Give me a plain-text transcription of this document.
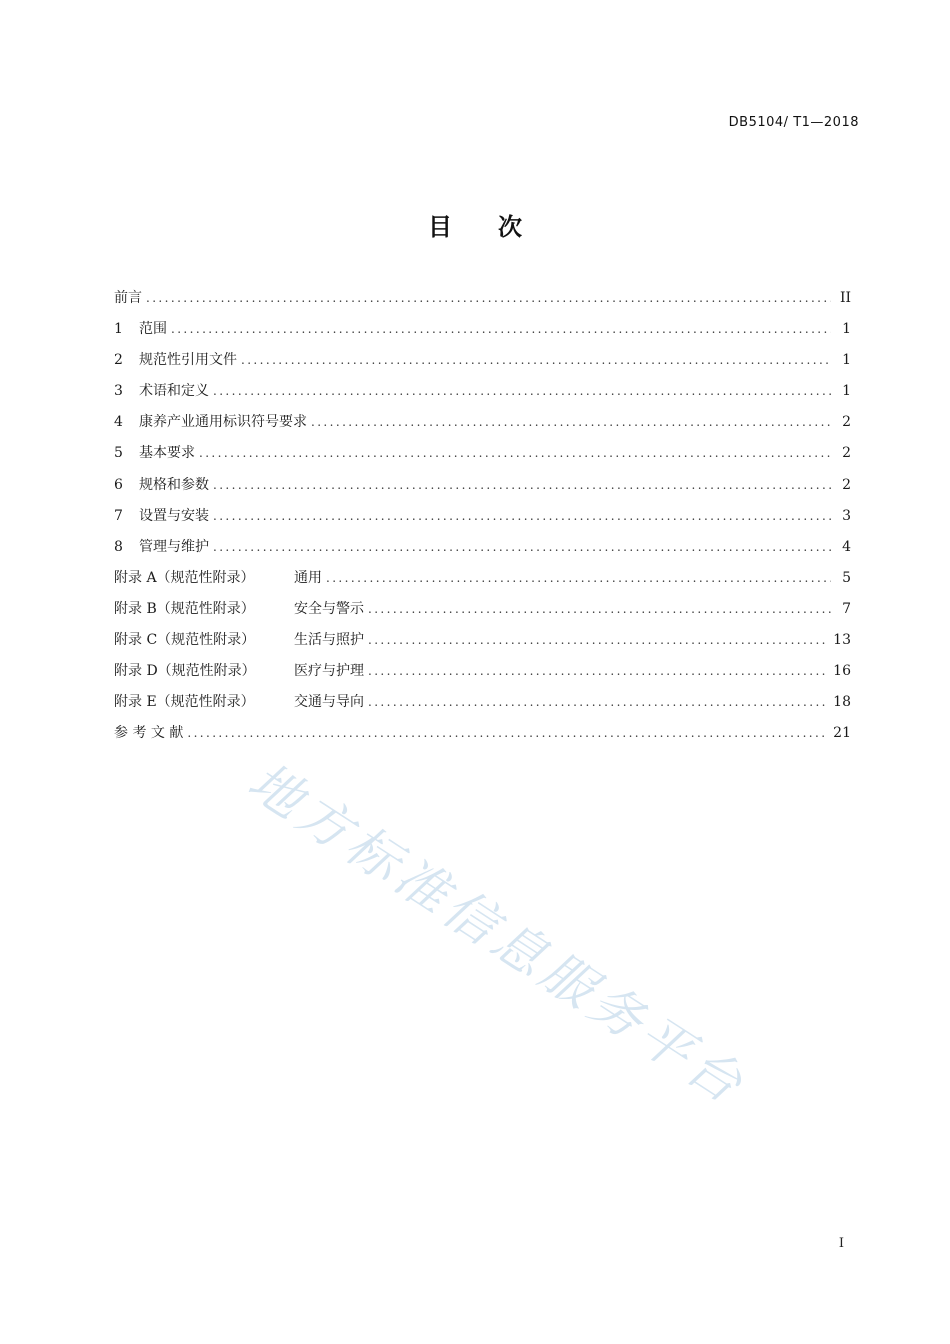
DB5104/ T1—2018
目 次
前言 .....	II
1 范围 .....	1
2 规范性引用文件 .....	1
3 术语和定义 .....	1
4 康养产业通用标识符号要求 .....	2
5 基本要求 .....	2
6 规格和参数 .....	2
7 设置与安装 .....	3
8 管理与维护 .....	4
附录 A（规范性附录）	通用 .....	5
附录 B（规范性附录）	安全与警示 .....	7
附录 C（规范性附录）	生活与照护 .....	13
附录 D（规范性附录）	医疗与护理 .....	16
附录 E（规范性附录）	交通与导向 .....	18
参 考 文 献 .....	21
地方标准信息服务平台
I
